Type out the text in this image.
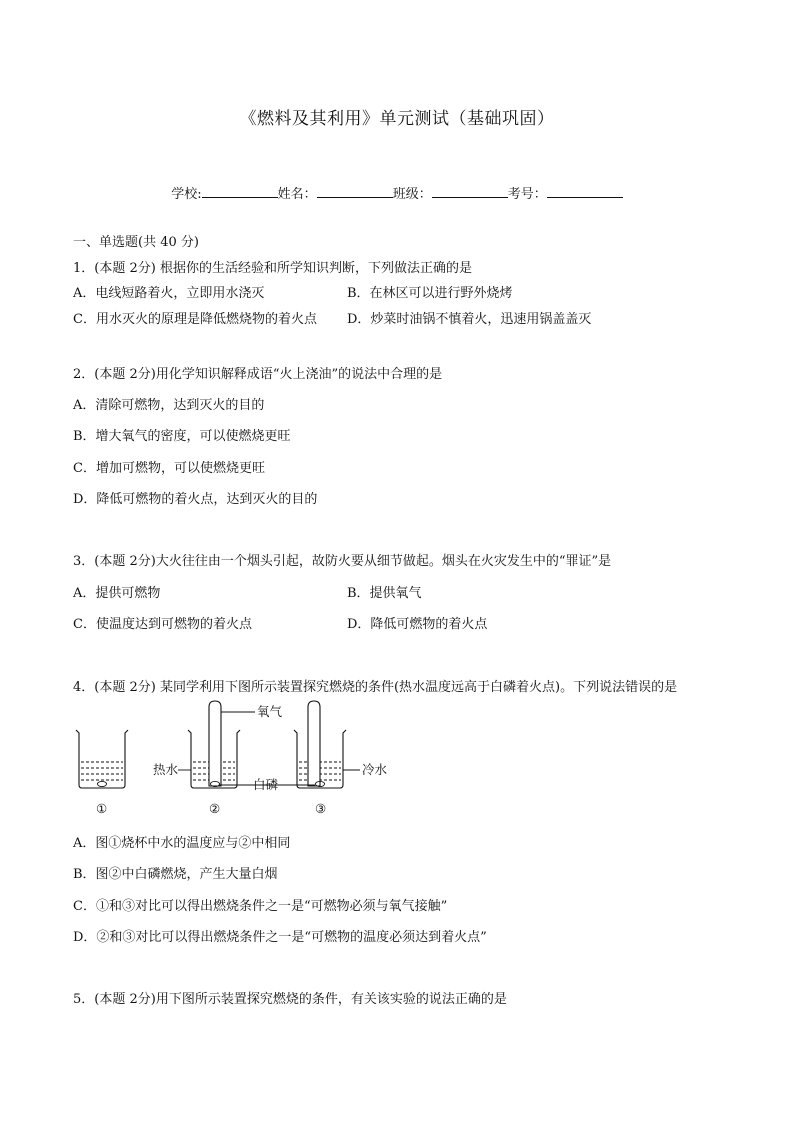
《燃料及其利用》单元测试（基础巩固）
学校:	姓名：	班级：	考号：
一、单选题(共 40 分)
1．(本题 2分) 根据你的生活经验和所学知识判断，下列做法正确的是
A．电线短路着火，立即用水浇灭	B．在林区可以进行野外烧烤
C．用水灭火的原理是降低燃烧物的着火点 D．炒菜时油锅不慎着火，迅速用锅盖盖灭
2．(本题 2分)用化学知识解释成语“火上浇油”的说法中合理的是
A．清除可燃物，达到灭火的目的
B．增大氧气的密度，可以使燃烧更旺
C．增加可燃物，可以使燃烧更旺
D．降低可燃物的着火点，达到灭火的目的
3．(本题 2分)大火往往由一个烟头引起，故防火要从细节做起。烟头在火灾发生中的“罪证”是
A．提供可燃物	B．提供氧气
C．使温度达到可燃物的着火点	D．降低可燃物的着火点
4．(本题 2分) 某同学利用下图所示装置探究燃烧的条件(热水温度远高于白磷着火点)。下列说法错误的是
氧气
热水
白磷
冷水
①	②	③
A．图①烧杯中水的温度应与②中相同
B．图②中白磷燃烧，产生大量白烟
C．①和③对比可以得出燃烧条件之一是“可燃物必须与氧气接触”
D．②和③对比可以得出燃烧条件之一是“可燃物的温度必须达到着火点”
5．(本题 2分)用下图所示装置探究燃烧的条件，有关该实验的说法正确的是
